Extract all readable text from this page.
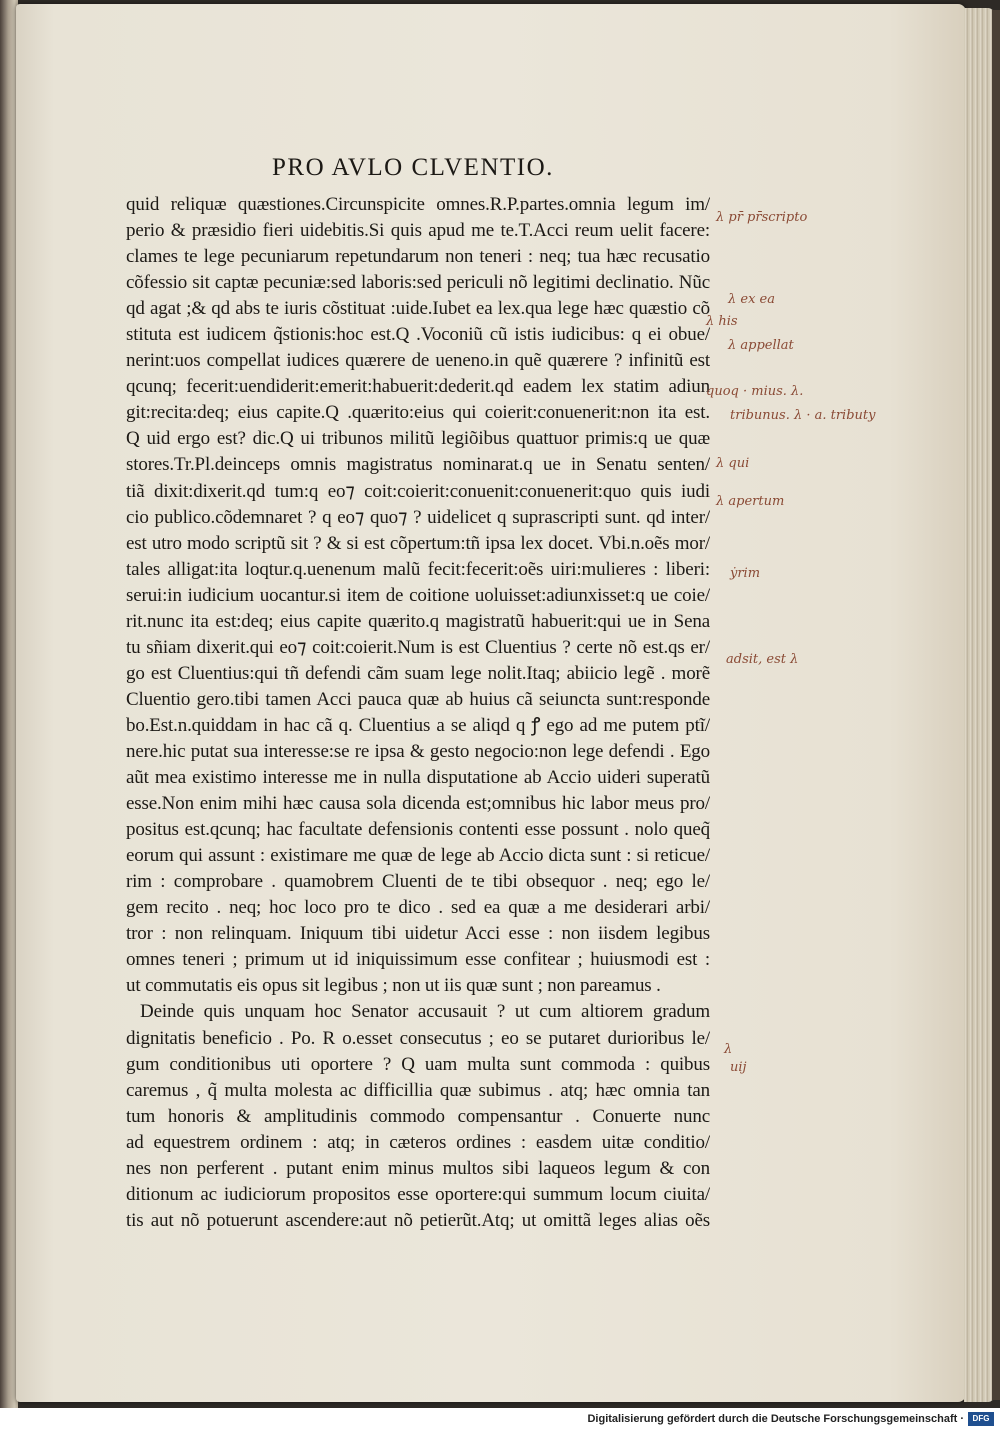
PRO AVLO CLVENTIO.
quid reliquæ quæstiones.Circunspicite omnes.R.P.partes.omnia legum im/
perio & præsidio fieri uidebitis.Si quis apud me te.T.Acci reum uelit facere:
clames te lege pecuniarum repetundarum non teneri : neq; tua hæc recusatio
cõfessio sit captæ pecuniæ:sed laboris:sed periculi nõ legitimi declinatio. Nũc
qd agat ;& qd abs te iuris cõstituat :uide.Iubet ea lex.qua lege hæc quæstio cõ
stituta est iudicem q̃stionis:hoc est.Q .Voconiũ cũ istis iudicibus: q ei obue/
nerint:uos compellat iudices quærere de ueneno.in quẽ quærere ? infinitũ est
qcunq; fecerit:uendiderit:emerit:habuerit:dederit.qd eadem lex statim adiun
git:recita:deq; eius capite.Q .quærito:eius qui coierit:conuenerit:non ita est.
Q uid ergo est? dic.Q ui tribunos militũ legiõibus quattuor primis:q ue quæ
stores.Tr.Pl.deinceps omnis magistratus nominarat.q ue in Senatu senten/
tiã dixit:dixerit.qd tum:q eo⁊ coit:coierit:conuenit:conuenerit:quo quis iudi
cio publico.cõdemnaret ? q eo⁊ quo⁊ ? uidelicet q suprascripti sunt. qd inter/
est utro modo scriptũ sit ? & si est cõpertum:tñ ipsa lex docet. Vbi.n.oẽs mor/
tales alligat:ita loqtur.q.uenenum malũ fecit:fecerit:oẽs uiri:mulieres : liberi:
serui:in iudicium uocantur.si item de coitione uoluisset:adiunxisset:q ue coie/
rit.nunc ita est:deq; eius capite quærito.q magistratũ habuerit:qui ue in Sena
tu sñiam dixerit.qui eo⁊ coit:coierit.Num is est Cluentius ? certe nõ est.qs er/
go est Cluentius:qui tñ defendi cãm suam lege nolit.Itaq; abiicio legẽ . morẽ
Cluentio gero.tibi tamen Acci pauca quæ ab huius cã seiuncta sunt:responde
bo.Est.n.quiddam in hac cã q. Cluentius a se aliqd q ꝭ ego ad me putem ptĩ/
nere.hic putat sua interesse:se re ipsa & gesto negocio:non lege defendi . Ego
aũt mea existimo interesse me in nulla disputatione ab Accio uideri superatũ
esse.Non enim mihi hæc causa sola dicenda est;omnibus hic labor meus pro/
positus est.qcunq; hac facultate defensionis contenti esse possunt . nolo queq̃
eorum qui assunt : existimare me quæ de lege ab Accio dicta sunt : si reticue/
rim : comprobare . quamobrem Cluenti de te tibi obsequor . neq; ego le/
gem recito . neq; hoc loco pro te dico . sed ea quæ a me desiderari arbi/
tror : non relinquam. Iniquum tibi uidetur Acci esse : non iisdem legibus
omnes teneri ; primum ut id iniquissimum esse confitear ; huiusmodi est :
ut commutatis eis opus sit legibus ; non ut iis quæ sunt ; non pareamus .
Deinde quis unquam hoc Senator accusauit ? ut cum altiorem gradum
dignitatis beneficio . Po. R o.esset consecutus ; eo se putaret durioribus le/
gum conditionibus uti oportere ? Q uam multa sunt commoda : quibus
caremus , q̃ multa molesta ac difficillia quæ subimus . atq; hæc omnia tan
tum honoris & amplitudinis commodo compensantur . Conuerte nunc
ad equestrem ordinem : atq; in cæteros ordines : easdem uitæ conditio/
nes non perferent . putant enim minus multos sibi laqueos legum & con
ditionum ac iudiciorum propositos esse oportere:qui summum locum ciuita/
tis aut nõ potuerunt ascendere:aut nõ petierũt.Atq; ut omittã leges alias oẽs
λ pr̄ pr̄scripto
λ ex ea
λ his
λ appellat
quoq · mius. λ.
tribunus. λ · a. tributy
λ qui
λ apertum
ẏrim
adsit, est λ
λ
uij
Digitalisierung gefördert durch die Deutsche Forschungsgemeinschaft ·	DFG
